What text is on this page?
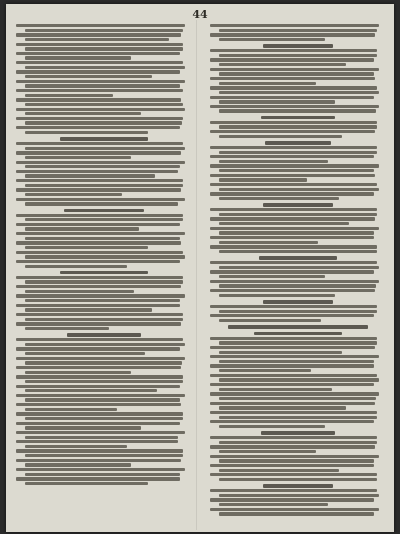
44
